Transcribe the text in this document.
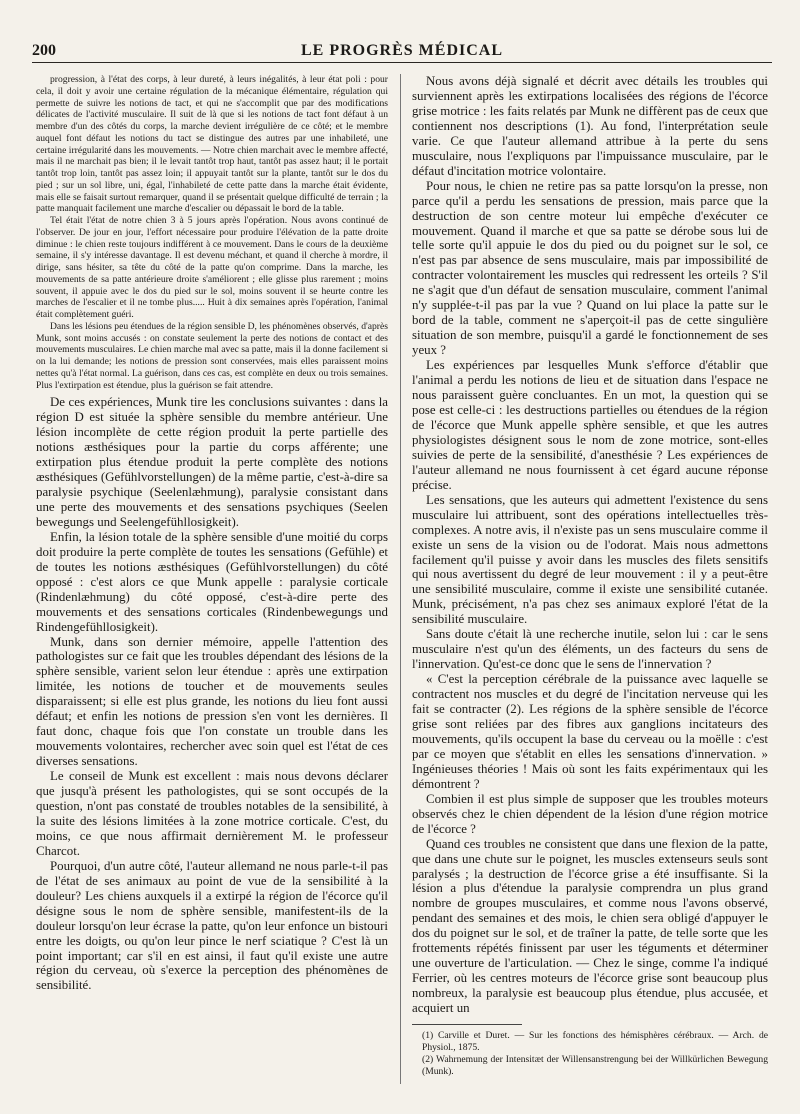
200	LE PROGRÈS MÉDICAL

progression, à l'état des corps, à leur dureté, à leurs inégalités, à leur état poli : pour cela, il doit y avoir une certaine régulation de la mécanique élémentaire, régulation qui permette de suivre les notions de tact, et qui ne s'accomplit que par des modifications délicates de l'activité musculaire. Il suit de là que si les notions de tact font défaut à un membre d'un des côtés du corps, la marche devient irrégulière de ce côté; et le membre auquel font défaut les notions du tact se distingue des autres par une inhabileté, une certaine irrégularité dans les mouvements. — Notre chien marchait avec le membre affecté, mais il ne marchait pas bien; il le levait tantôt trop haut, tantôt pas assez haut; il le portait tantôt trop loin, tantôt pas assez loin; il appuyait tantôt sur la plante, tantôt sur le dos du pied ; sur un sol libre, uni, égal, l'inhabileté de cette patte dans la marche était évidente, mais elle se faisait surtout remarquer, quand il se présentait quelque difficulté de terrain ; la patte manquait facilement une marche d'escalier ou dépassait le bord de la table.

Tel était l'état de notre chien 3 à 5 jours après l'opération. Nous avons continué de l'observer. De jour en jour, l'effort nécessaire pour produire l'élévation de la patte droite diminue : le chien reste toujours indifférent à ce mouvement. Dans le cours de la deuxième semaine, il s'y intéresse davantage. Il est devenu méchant, et quand il cherche à mordre, il dirige, sans hésiter, sa tête du côté de la patte qu'on comprime. Dans la marche, les mouvements de sa patte antérieure droite s'améliorent ; elle glisse plus rarement ; moins souvent, il appuie avec le dos du pied sur le sol, moins souvent il se heurte contre les marches de l'escalier et il ne tombe plus..... Huit à dix semaines après l'opération, l'animal était complètement guéri.

Dans les lésions peu étendues de la région sensible D, les phénomènes observés, d'après Munk, sont moins accusés : on constate seulement la perte des notions de contact et des mouvements musculaires. Le chien marche mal avec sa patte, mais il la donne facilement si on la lui demande; les notions de pression sont conservées, mais elles paraissent moins nettes qu'à l'état normal. La guérison, dans ces cas, est complète en deux ou trois semaines. Plus l'extirpation est étendue, plus la guérison se fait attendre.

De ces expériences, Munk tire les conclusions suivantes : dans la région D est située la sphère sensible du membre antérieur. Une lésion incomplète de cette région produit la perte partielle des notions æsthésiques pour la partie du corps afférente; une extirpation plus étendue produit la perte complète des notions æsthésiques (Gefühlvorstellungen) de la même partie, c'est-à-dire sa paralysie psychique (Seelenlæhmung), paralysie consistant dans une perte des mouvements et des sensations psychiques (Seelen bewegungs und Seelengefühllosigkeit).

Enfin, la lésion totale de la sphère sensible d'une moitié du corps doit produire la perte complète de toutes les sensations (Gefühle) et de toutes les notions æsthésiques (Gefühlvorstellungen) du côté opposé : c'est alors ce que Munk appelle : paralysie corticale (Rindenlæhmung) du côté opposé, c'est-à-dire perte des mouvements et des sensations corticales (Rindenbewegungs und Rindengefühllosigkeit).

Munk, dans son dernier mémoire, appelle l'attention des pathologistes sur ce fait que les troubles dépendant des lésions de la sphère sensible, varient selon leur étendue : après une extirpation limitée, les notions de toucher et de mouvements seules disparaissent; si elle est plus grande, les notions du lieu font aussi défaut; et enfin les notions de pression s'en vont les dernières. Il faut donc, chaque fois que l'on constate un trouble dans les mouvements volontaires, rechercher avec soin quel est l'état de ces diverses sensations.

Le conseil de Munk est excellent : mais nous devons déclarer que jusqu'à présent les pathologistes, qui se sont occupés de la question, n'ont pas constaté de troubles notables de la sensibilité, à la suite des lésions limitées à la zone motrice corticale. C'est, du moins, ce que nous affirmait dernièrement M. le professeur Charcot.

Pourquoi, d'un autre côté, l'auteur allemand ne nous parle-t-il pas de l'état de ses animaux au point de vue de la sensibilité à la douleur? Les chiens auxquels il a extirpé la région de l'écorce qu'il désigne sous le nom de sphère sensible, manifestent-ils de la douleur lorsqu'on leur écrase la patte, qu'on leur enfonce un bistouri entre les doigts, ou qu'on leur pince le nerf sciatique ? C'est là un point important; car s'il en est ainsi, il faut qu'il existe une autre région du cerveau, où s'exerce la perception des phénomènes de sensibilité.

Nous avons déjà signalé et décrit avec détails les troubles qui surviennent après les extirpations localisées des régions de l'écorce grise motrice : les faits relatés par Munk ne diffèrent pas de ceux que contiennent nos descriptions (1). Au fond, l'interprétation seule varie. Ce que l'auteur allemand attribue à la perte du sens musculaire, nous l'expliquons par l'impuissance musculaire, par le défaut d'incitation motrice volontaire.

Pour nous, le chien ne retire pas sa patte lorsqu'on la presse, non parce qu'il a perdu les sensations de pression, mais parce que la destruction de son centre moteur lui empêche d'exécuter ce mouvement. Quand il marche et que sa patte se dérobe sous lui de telle sorte qu'il appuie le dos du pied ou du poignet sur le sol, ce n'est pas par absence de sens musculaire, mais par impossibilité de contracter volontairement les muscles qui redressent les orteils ? S'il ne s'agit que d'un défaut de sensation musculaire, comment l'animal n'y supplée-t-il pas par la vue ? Quand on lui place la patte sur le bord de la table, comment ne s'aperçoit-il pas de cette singulière situation de son membre, puisqu'il a gardé le fonctionnement de ses yeux ?

Les expériences par lesquelles Munk s'efforce d'établir que l'animal a perdu les notions de lieu et de situation dans l'espace ne nous paraissent guère concluantes. En un mot, la question qui se pose est celle-ci : les destructions partielles ou étendues de la région de l'écorce que Munk appelle sphère sensible, et que les autres physiologistes désignent sous le nom de zone motrice, sont-elles suivies de perte de la sensibilité, d'anesthésie ? Les expériences de l'auteur allemand ne nous fournissent à cet égard aucune réponse précise.

Les sensations, que les auteurs qui admettent l'existence du sens musculaire lui attribuent, sont des opérations intellectuelles très-complexes. A notre avis, il n'existe pas un sens musculaire comme il existe un sens de la vision ou de l'odorat. Mais nous admettons facilement qu'il puisse y avoir dans les muscles des filets sensitifs qui nous avertissent du degré de leur mouvement : il y a peut-être une sensibilité musculaire, comme il existe une sensibilité cutanée. Munk, précisément, n'a pas chez ses animaux exploré l'état de la sensibilité musculaire.

Sans doute c'était là une recherche inutile, selon lui : car le sens musculaire n'est qu'un des éléments, un des facteurs du sens de l'innervation. Qu'est-ce donc que le sens de l'innervation ?

« C'est la perception cérébrale de la puissance avec laquelle se contractent nos muscles et du degré de l'incitation nerveuse qui les fait se contracter (2). Les régions de la sphère sensible de l'écorce grise sont reliées par des fibres aux ganglions incitateurs des mouvements, qu'ils occupent la base du cerveau ou la moëlle : c'est par ce moyen que s'établit en elles les sensations d'innervation. » Ingénieuses théories ! Mais où sont les faits expérimentaux qui les démontrent ?

Combien il est plus simple de supposer que les troubles moteurs observés chez le chien dépendent de la lésion d'une région motrice de l'écorce ?

Quand ces troubles ne consistent que dans une flexion de la patte, que dans une chute sur le poignet, les muscles extenseurs seuls sont paralysés ; la destruction de l'écorce grise a été insuffisante. Si la lésion a plus d'étendue la paralysie comprendra un plus grand nombre de groupes musculaires, et comme nous l'avons observé, pendant des semaines et des mois, le chien sera obligé d'appuyer le dos du poignet sur le sol, et de traîner la patte, de telle sorte que les frottements répétés finissent par user les téguments et déterminer une ouverture de l'articulation. — Chez le singe, comme l'a indiqué Ferrier, où les centres moteurs de l'écorce grise sont beaucoup plus nombreux, la paralysie est beaucoup plus étendue, plus accusée, et acquiert un

(1) Carville et Duret. — Sur les fonctions des hémisphères cérébraux. — Arch. de Physiol., 1875.

(2) Wahrnemung der Intensitæt der Willensanstrengung bei der Willkürlichen Bewegung (Munk).
